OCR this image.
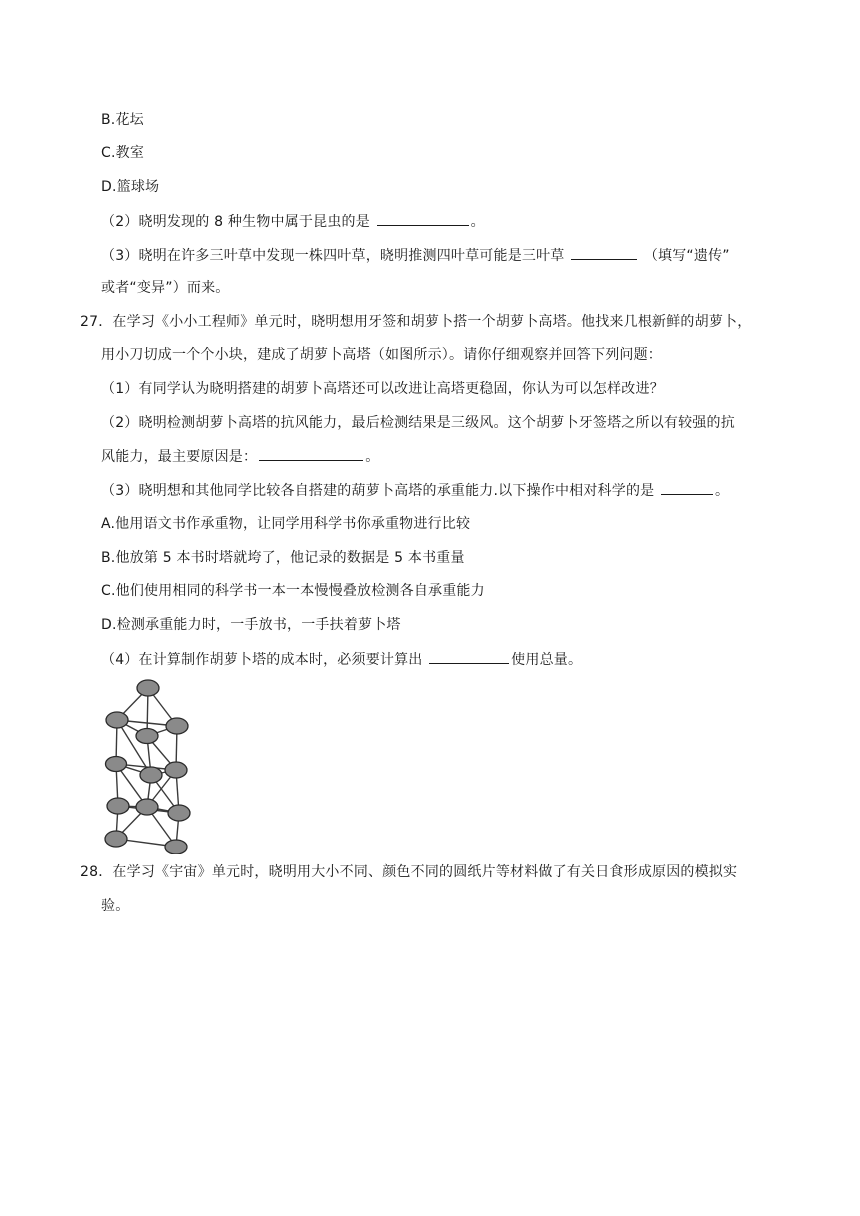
B.花坛
C.教室
D.篮球场
（2）晓明发现的 8 种生物中属于昆虫的是	。
（3）晓明在许多三叶草中发现一株四叶草，晓明推测四叶草可能是三叶草	（填写“遗传”
或者“变异”）而来。
27．在学习《小小工程师》单元时，晓明想用牙签和胡萝卜搭一个胡萝卜高塔。他找来几根新鲜的胡萝卜，
用小刀切成一个个小块，建成了胡萝卜高塔（如图所示）。请你仔细观察并回答下列问题：
（1）有同学认为晓明搭建的胡萝卜高塔还可以改进让高塔更稳固，你认为可以怎样改进？
（2）晓明检测胡萝卜高塔的抗风能力，最后检测结果是三级风。这个胡萝卜牙签塔之所以有较强的抗
风能力，最主要原因是：	。
（3）晓明想和其他同学比较各自搭建的葫萝卜高塔的承重能力.以下操作中相对科学的是	。
A.他用语文书作承重物，让同学用科学书你承重物进行比较
B.他放第 5 本书时塔就垮了，他记录的数据是 5 本书重量
C.他们使用相同的科学书一本一本慢慢叠放检测各自承重能力
D.检测承重能力时，一手放书，一手扶着萝卜塔
（4）在计算制作胡萝卜塔的成本时，必须要计算出	使用总量。
28．在学习《宇宙》单元时，晓明用大小不同、颜色不同的圆纸片等材料做了有关日食形成原因的模拟实
验。
